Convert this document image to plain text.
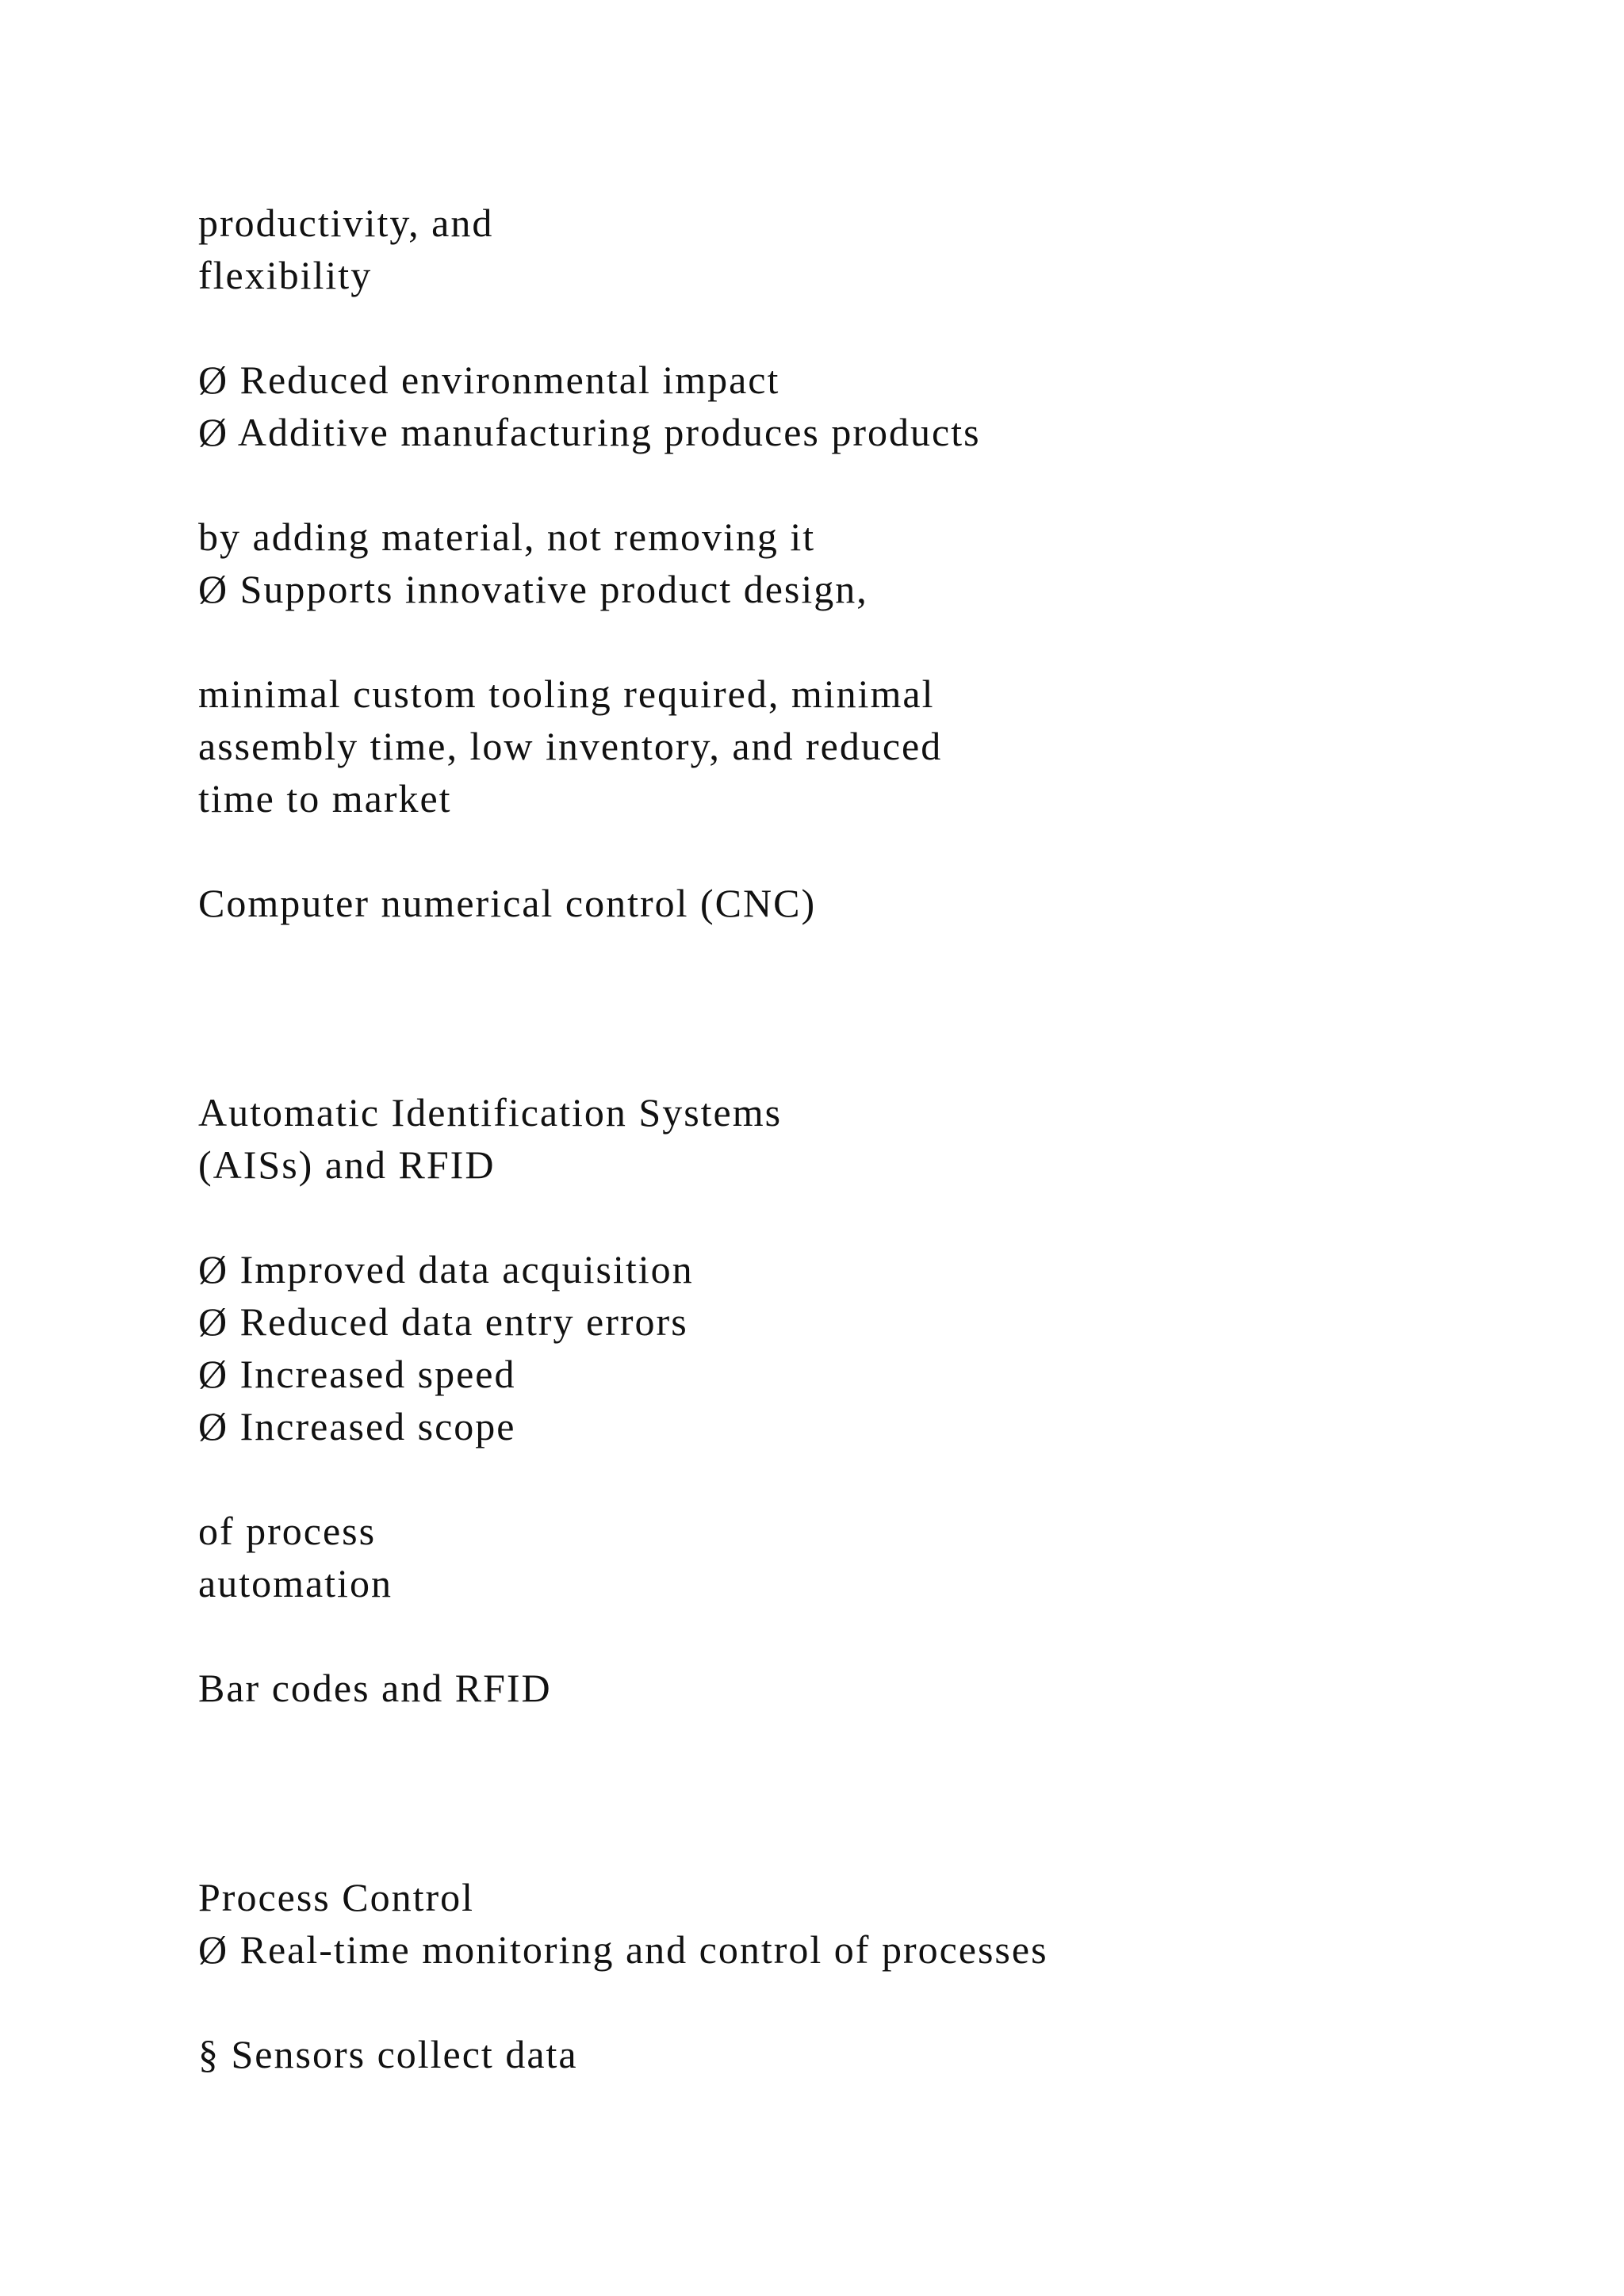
productivity, and

flexibility

Ø Reduced environmental impact

Ø Additive manufacturing produces products

by adding material, not removing it

Ø Supports innovative product design,

minimal custom tooling required, minimal

assembly time, low inventory, and reduced

time to market

Computer numerical control (CNC)

Automatic Identification Systems

(AISs) and RFID

Ø Improved data acquisition

Ø Reduced data entry errors

Ø Increased speed

Ø Increased scope

of process

automation

Bar codes and RFID

Process Control

Ø Real-time monitoring and control of processes

§ Sensors collect data
